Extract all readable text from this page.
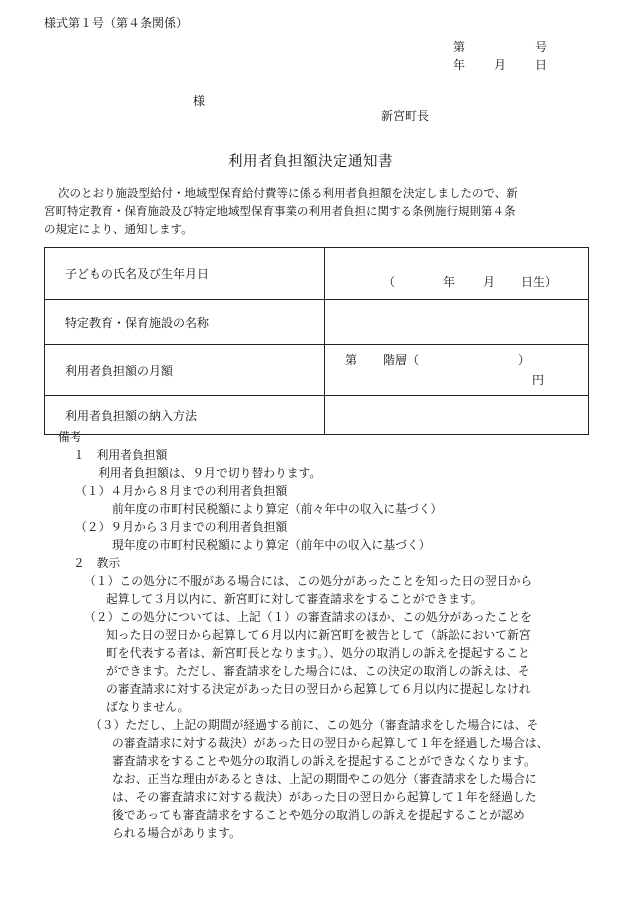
様式第１号（第４条関係）
第	号
年 月 日
様
新宮町長
利用者負担額決定通知書
次のとおり施設型給付・地域型保育給付費等に係る利用者負担額を決定しましたので、新
宮町特定教育・保育施設及び特定地域型保育事業の利用者負担に関する条例施行規則第４条
の規定により、通知します。
子どもの氏名及び生年月日	（ 年 月 日生）

特定教育・保育施設の名称	
利用者負担額の月額	第 階層（ ）
円

利用者負担額の納入方法	
備考
１　利用者負担額
利用者負担額は、９月で切り替わります。
（１）４月から８月までの利用者負担額
前年度の市町村民税額により算定（前々年中の収入に基づく）
（２）９月から３月までの利用者負担額
現年度の市町村民税額により算定（前年中の収入に基づく）
２　教示
（１）この処分に不服がある場合には、この処分があったことを知った日の翌日から
起算して３月以内に、新宮町に対して審査請求をすることができます。
（２）この処分については、上記（１）の審査請求のほか、この処分があったことを
知った日の翌日から起算して６月以内に新宮町を被告として（訴訟において新宮
町を代表する者は、新宮町長となります。）、処分の取消しの訴えを提起すること
ができます。ただし、審査請求をした場合には、この決定の取消しの訴えは、そ
の審査請求に対する決定があった日の翌日から起算して６月以内に提起しなけれ
ばなりません。
（３）ただし、上記の期間が経過する前に、この処分（審査請求をした場合には、そ
の審査請求に対する裁決）があった日の翌日から起算して１年を経過した場合は、
審査請求をすることや処分の取消しの訴えを提起することができなくなります。
なお、正当な理由があるときは、上記の期間やこの処分（審査請求をした場合に
は、その審査請求に対する裁決）があった日の翌日から起算して１年を経過した
後であっても審査請求をすることや処分の取消しの訴えを提起することが認め
られる場合があります。
